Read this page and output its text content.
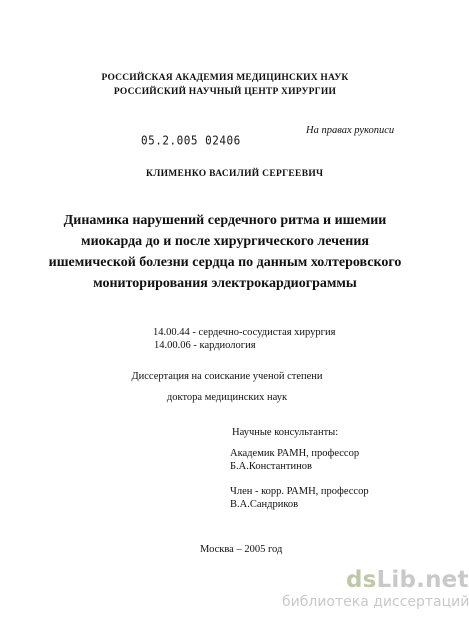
РОССИЙСКАЯ АКАДЕМИЯ МЕДИЦИНСКИХ НАУК
РОССИЙСКИЙ НАУЧНЫЙ ЦЕНТР ХИРУРГИИ
05.2.005 02406
На правах рукописи
КЛИМЕНКО ВАСИЛИЙ СЕРГЕЕВИЧ
Динамика нарушений сердечного ритма и ишемии
миокарда до и после хирургического лечения
ишемической болезни сердца по данным холтеровского
мониторирования электрокардиограммы
14.00.44 - сердечно-сосудистая хирургия
14.00.06 - кардиология
Диссертация на соискание ученой степени
доктора медицинских наук
Научные консультанты:
Академик РАМН, профессор
Б.А.Константинов
Член - корр. РАМН, профессор
В.А.Сандриков
Москва – 2005 год
dsLib.net
библиотека диссертаций
